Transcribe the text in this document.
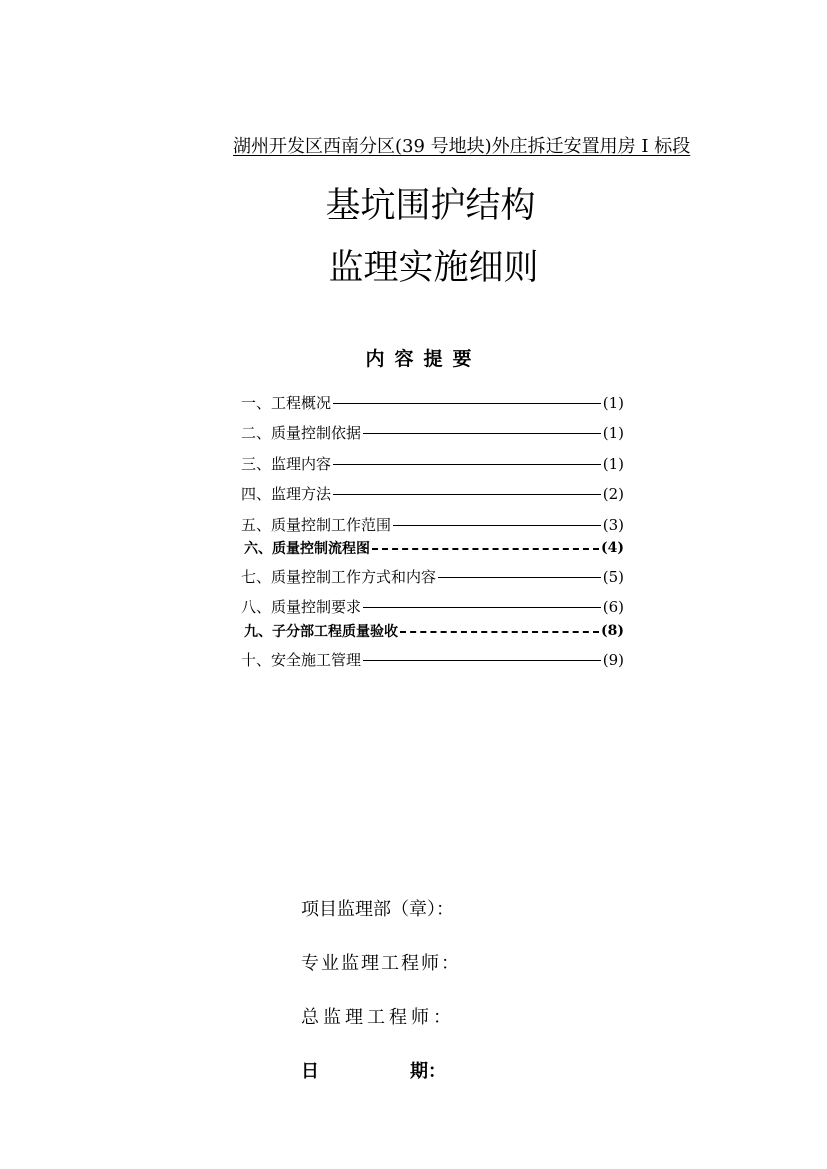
湖州开发区西南分区(39 号地块)外庄拆迁安置用房 I 标段
基坑围护结构
监理实施细则
内容提要
一、工程概况	(1)
二、质量控制依据	(1)
三、监理内容	(1)
四、监理方法	(2)
五、质量控制工作范围	(3)
六、质量控制流程图	(4)
七、质量控制工作方式和内容	(5)
八、质量控制要求	(6)
九、子分部工程质量验收	(8)
十、安全施工管理	(9)
项目监理部（章）：
专业监理工程师：
总监理工程师：
日	期：
